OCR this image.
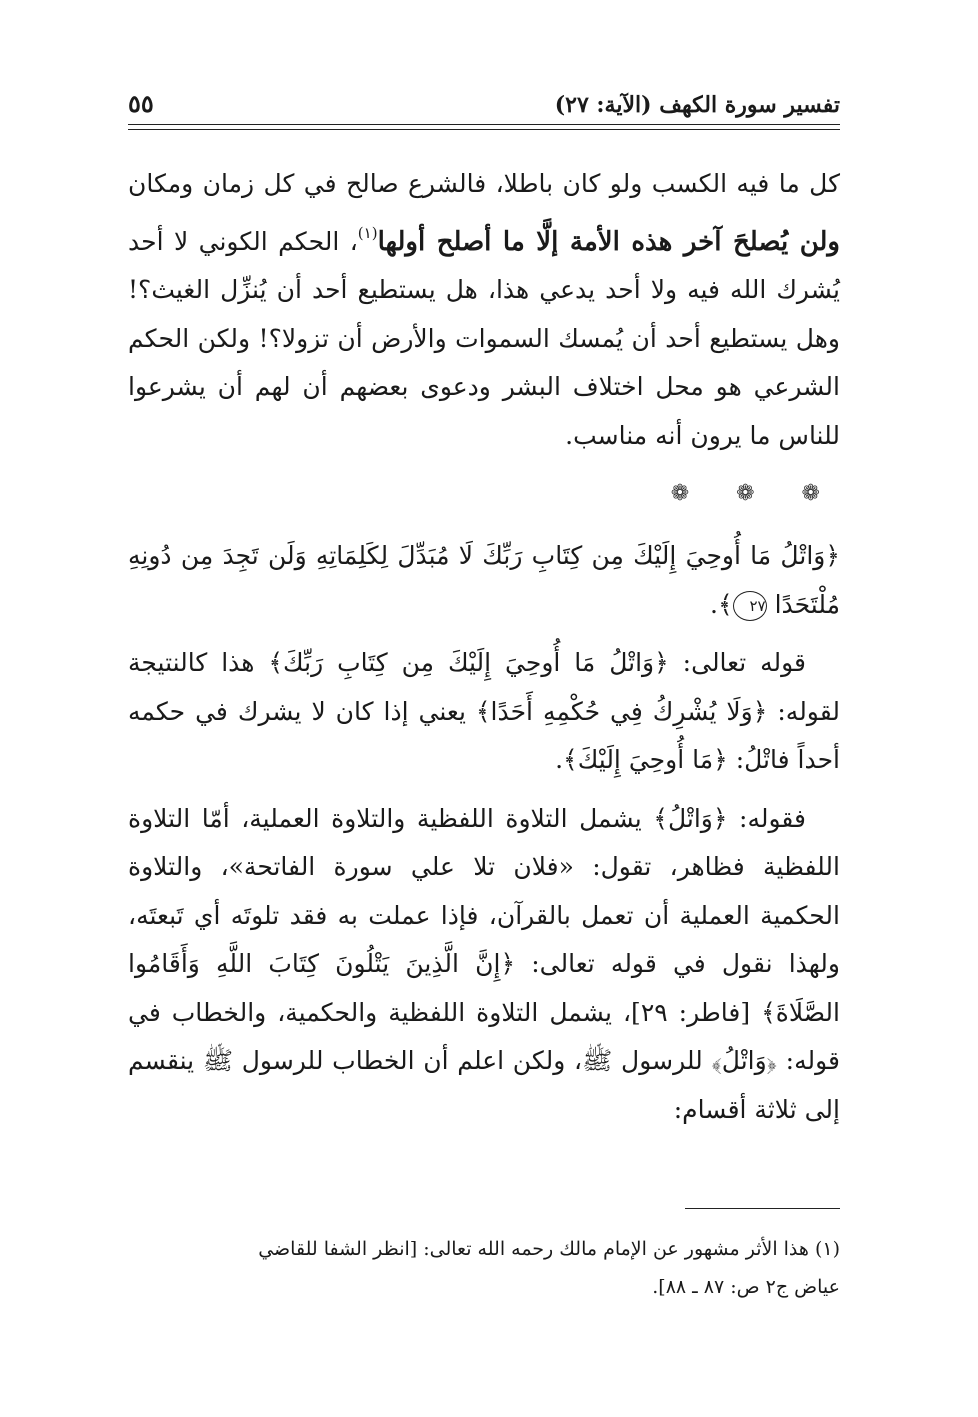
تفسير سورة الكهف (الآية: ٢٧)
٥٥

كل ما فيه الكسب ولو كان باطلا، فالشرع صالح في كل زمان ومكان ولن يُصلحَ آخر هذه الأمة إلَّا ما أصلح أولها$^{(١)}$، الحكم الكوني لا أحد يُشرك الله فيه ولا أحد يدعي هذا، هل يستطيع أحد أن يُنزِّل الغيث؟! وهل يستطيع أحد أن يُمسك السموات والأرض أن تزولا؟! ولكن الحكم الشرعي هو محل اختلاف البشر ودعوى بعضهم أن لهم أن يشرعوا للناس ما يرون أنه مناسب.

❁ ❁ ❁

﴿وَاتْلُ مَا أُوحِيَ إِلَيْكَ مِن كِتَابِ رَبِّكَ لَا مُبَدِّلَ لِكَلِمَاتِهِ وَلَن تَجِدَ مِن دُونِهِ مُلْتَحَدًا ٢٧﴾.

قوله تعالى: ﴿وَاتْلُ مَا أُوحِيَ إِلَيْكَ مِن كِتَابِ رَبِّكَ﴾ هذا كالنتيجة لقوله: ﴿وَلَا يُشْرِكُ فِي حُكْمِهِ أَحَدًا﴾ يعني إذا كان لا يشرك في حكمه أحداً فاتْلُ: ﴿مَا أُوحِيَ إِلَيْكَ﴾.

فقوله: ﴿وَاتْلُ﴾ يشمل التلاوة اللفظية والتلاوة العملية، أمّا التلاوة اللفظية فظاهر، تقول: «فلان تلا علي سورة الفاتحة»، والتلاوة الحكمية العملية أن تعمل بالقرآن، فإذا عملت به فقد تلوتَه أي تَبعتَه، ولهذا نقول في قوله تعالى: ﴿إِنَّ الَّذِينَ يَتْلُونَ كِتَابَ اللَّهِ وَأَقَامُوا الصَّلَاةَ﴾ [فاطر: ٢٩]، يشمل التلاوة اللفظية والحكمية، والخطاب في قوله: ﴿وَاتْلُ﴾ للرسول ﷺ، ولكن اعلم أن الخطاب للرسول ﷺ ينقسم إلى ثلاثة أقسام:

(١) هذا الأثر مشهور عن الإمام مالك رحمه الله تعالى: [انظر الشفا للقاضي

عياض ج٢ ص: ٨٧ ـ ٨٨].
